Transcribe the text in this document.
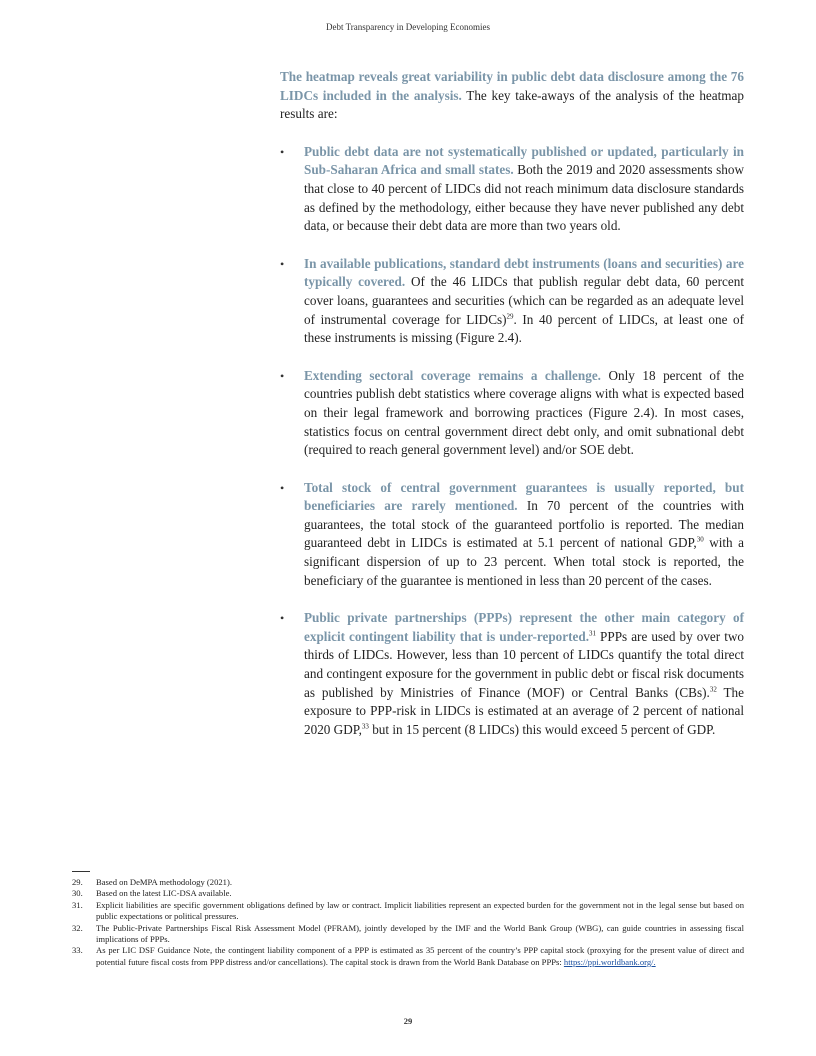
Debt Transparency in Developing Economies

The heatmap reveals great variability in public debt data disclosure among the 76 LIDCs included in the analysis. The key take-aways of the analysis of the heatmap results are:

• Public debt data are not systematically published or updated, particularly in Sub-Saharan Africa and small states. Both the 2019 and 2020 assessments show that close to 40 percent of LIDCs did not reach minimum data disclosure standards as defined by the methodology, either because they have never published any debt data, or because their debt data are more than two years old.
• In available publications, standard debt instruments (loans and securities) are typically covered. Of the 46 LIDCs that publish regular debt data, 60 percent cover loans, guarantees and securities (which can be regarded as an adequate level of instrumental coverage for LIDCs)$^{29}$. In 40 percent of LIDCs, at least one of these instruments is missing (Figure 2.4).
• Extending sectoral coverage remains a challenge. Only 18 percent of the countries publish debt statistics where coverage aligns with what is expected based on their legal framework and borrowing practices (Figure 2.4). In most cases, statistics focus on central government direct debt only, and omit subnational debt (required to reach general government level) and/or SOE debt.
• Total stock of central government guarantees is usually reported, but beneficiaries are rarely mentioned. In 70 percent of the countries with guarantees, the total stock of the guaranteed portfolio is reported. The median guaranteed debt in LIDCs is estimated at 5.1 percent of national GDP,$^{30}$ with a significant dispersion of up to 23 percent. When total stock is reported, the beneficiary of the guarantee is mentioned in less than 20 percent of the cases.
• Public private partnerships (PPPs) represent the other main category of explicit contingent liability that is under-reported.$^{31}$ PPPs are used by over two thirds of LIDCs. However, less than 10 percent of LIDCs quantify the total direct and contingent exposure for the government in public debt or fiscal risk documents as published by Ministries of Finance (MOF) or Central Banks (CBs).$^{32}$ The exposure to PPP-risk in LIDCs is estimated at an average of 2 percent of national 2020 GDP,$^{33}$ but in 15 percent (8 LIDCs) this would exceed 5 percent of GDP.
29. Based on DeMPA methodology (2021).
30. Based on the latest LIC-DSA available.
31. Explicit liabilities are specific government obligations defined by law or contract. Implicit liabilities represent an expected burden for the government not in the legal sense but based on public expectations or political pressures.
32. The Public-Private Partnerships Fiscal Risk Assessment Model (PFRAM), jointly developed by the IMF and the World Bank Group (WBG), can guide countries in assessing fiscal implications of PPPs.
33. As per LIC DSF Guidance Note, the contingent liability component of a PPP is estimated as 35 percent of the country’s PPP capital stock (proxying for the present value of direct and potential future fiscal costs from PPP distress and/or cancellations). The capital stock is drawn from the World Bank Database on PPPs: https://ppi.worldbank.org/.
29
